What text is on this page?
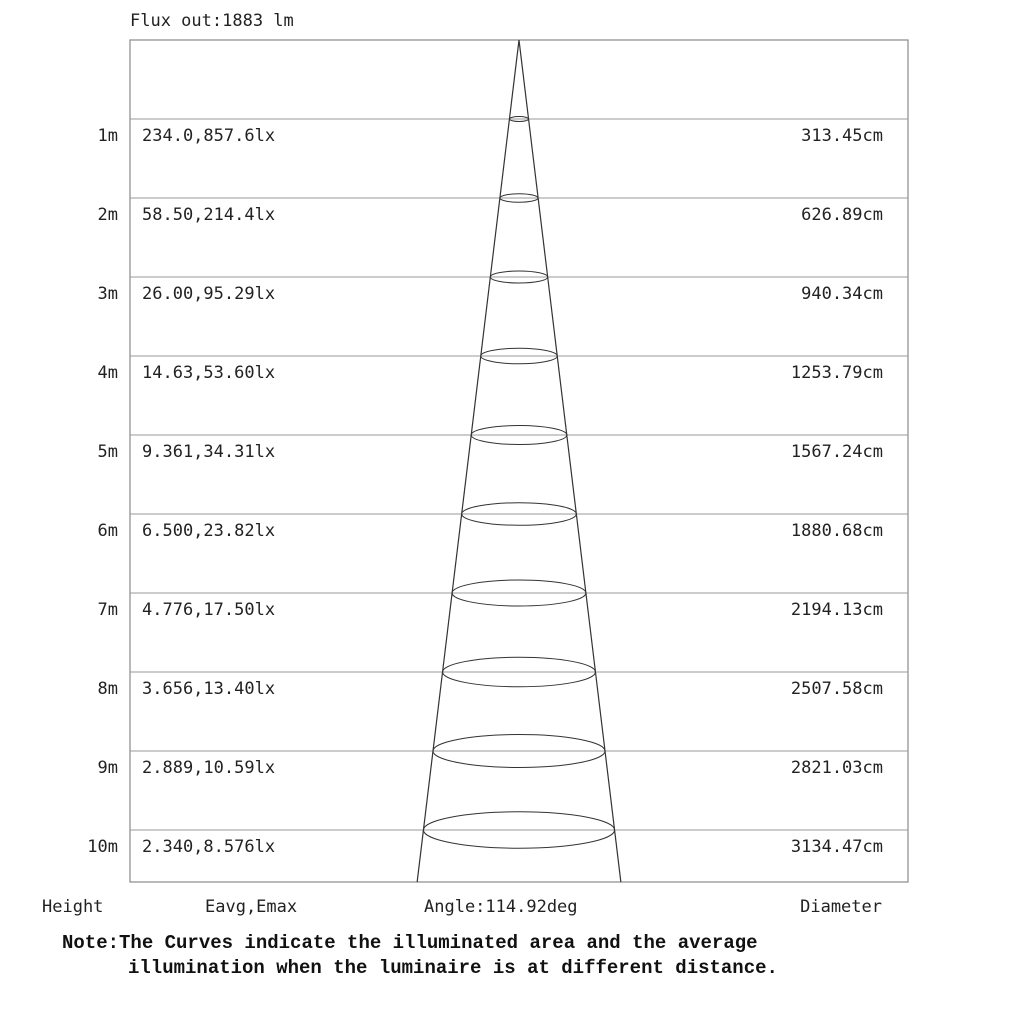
Flux out:1883 lm
1m 234.0,857.6lx	313.45cm
2m 58.50,214.4lx	626.89cm
3m 26.00,95.29lx	940.34cm
4m 14.63,53.60lx	1253.79cm
5m 9.361,34.31lx	1567.24cm
6m 6.500,23.82lx	1880.68cm
7m 4.776,17.50lx	2194.13cm
8m 3.656,13.40lx	2507.58cm
9m 2.889,10.59lx	2821.03cm
10m 2.340,8.576lx	3134.47cm
Height	Eavg,Emax	Angle:114.92deg	Diameter
Note:The Curves indicate the illuminated area and the average
illumination when the luminaire is at different distance.
